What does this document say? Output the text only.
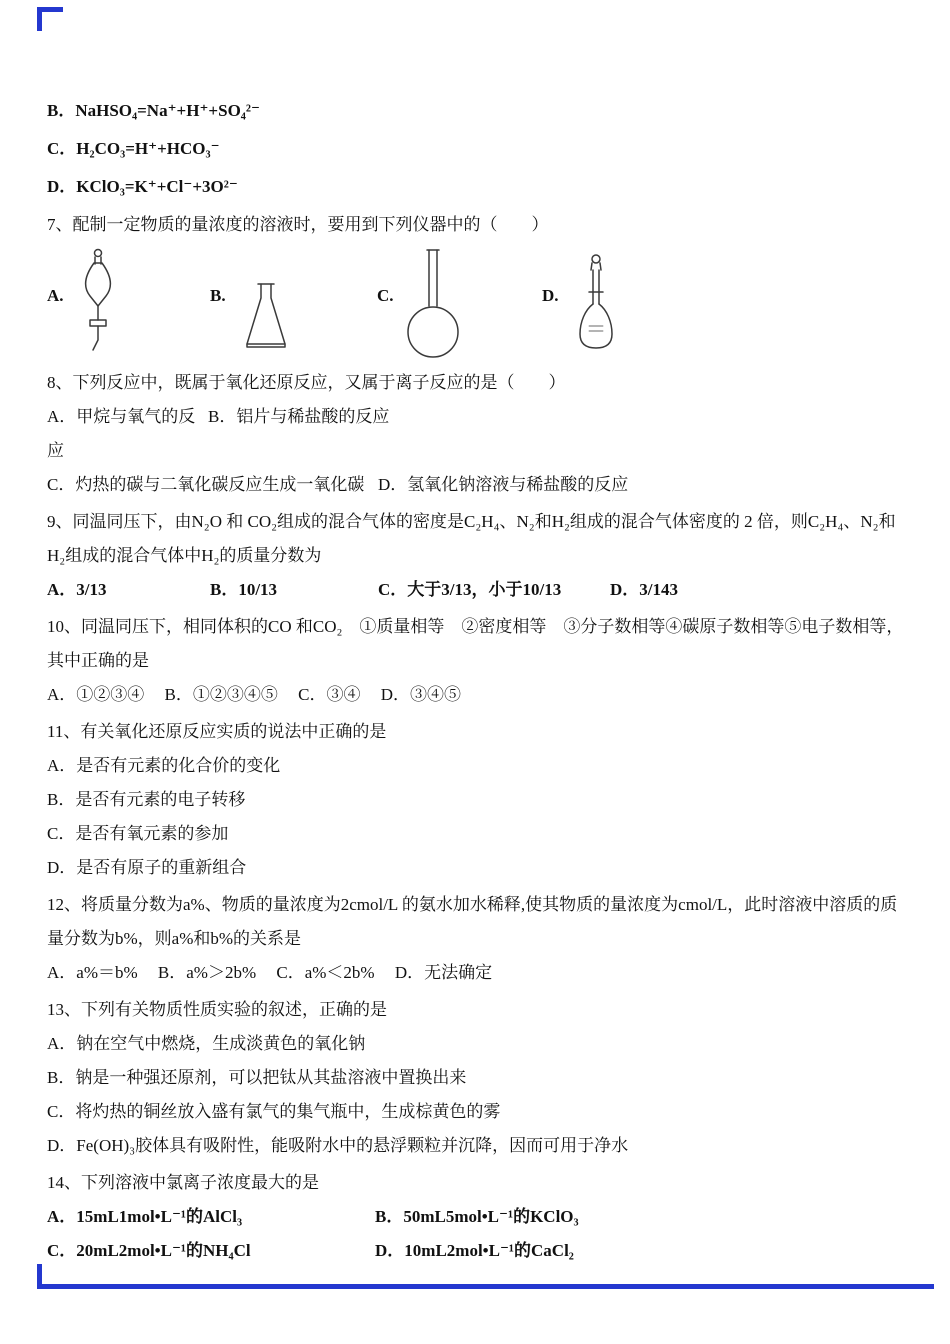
B．NaHSO₄=Na⁺+H⁺+SO₄²⁻

C．H₂CO₃=H⁺+HCO₃⁻

D．KClO₃=K⁺+Cl⁻+3O²⁻

7、配制一定物质的量浓度的溶液时，要用到下列仪器中的（　　）

A.	B.	C.	D.

8、下列反应中，既属于氧化还原反应，又属于离子反应的是（　　）

A．甲烷与氧气的反应
B．铝片与稀盐酸的反应
C．灼热的碳与二氧化碳反应生成一氧化碳 D．氢氧化钠溶液与稀盐酸的反应

9、同温同压下，由N₂O 和 CO₂组成的混合气体的密度是C₂H₄、N₂和H₂组成的混合气体密度的 2 倍，则C₂H₄、N₂和H₂组成的混合气体中H₂的质量分数为

A．3/13	B．10/13	C．大于3/13，小于10/13	D．3/143

10、同温同压下，相同体积的CO 和CO₂　①质量相等　②密度相等　③分子数相等④碳原子数相等⑤电子数相等，其中正确的是

A．①②③④ B．①②③④⑤ C．③④ D．③④⑤

11、有关氧化还原反应实质的说法中正确的是

A．是否有元素的化合价的变化

B．是否有元素的电子转移

C．是否有氧元素的参加

D．是否有原子的重新组合

12、将质量分数为a%、物质的量浓度为2cmol/L 的氨水加水稀释,使其物质的量浓度为cmol/L，此时溶液中溶质的质量分数为b%，则a%和b%的关系是

A．a%＝b% B．a%＞2b% C．a%＜2b% D．无法确定

13、下列有关物质性质实验的叙述，正确的是

A．钠在空气中燃烧，生成淡黄色的氧化钠

B．钠是一种强还原剂，可以把钛从其盐溶液中置换出来

C．将灼热的铜丝放入盛有氯气的集气瓶中，生成棕黄色的雾

D．Fe(OH)₃胶体具有吸附性，能吸附水中的悬浮颗粒并沉降，因而可用于净水

14、下列溶液中氯离子浓度最大的是

A．15mL1mol•L⁻¹的AlCl₃	B．50mL5mol•L⁻¹的KClO₃
C．20mL2mol•L⁻¹的NH₄Cl	D．10mL2mol•L⁻¹的CaCl₂
